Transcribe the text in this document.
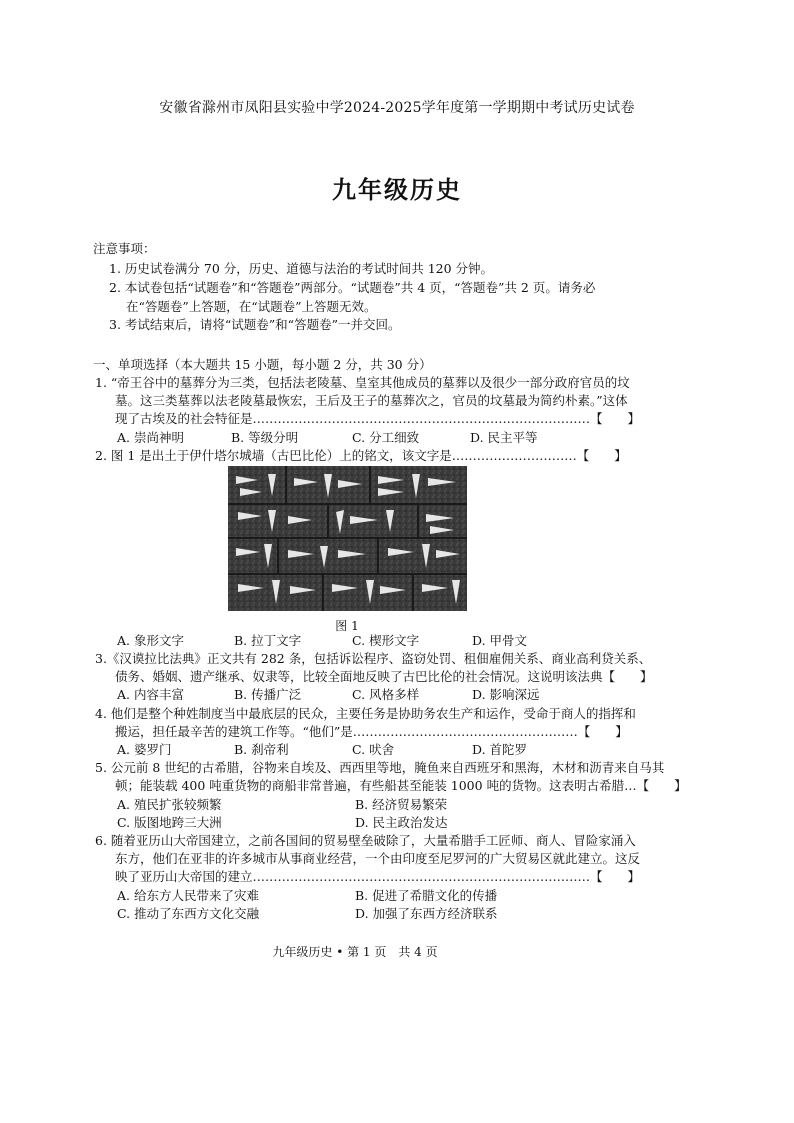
安徽省滁州市凤阳县实验中学2024-2025学年度第一学期期中考试历史试卷
九年级历史
注意事项：
1. 历史试卷满分 70 分，历史、道德与法治的考试时间共 120 分钟。
2. 本试卷包括“试题卷”和“答题卷”两部分。“试题卷”共 4 页，“答题卷”共 2 页。请务必
在“答题卷”上答题，在“试题卷”上答题无效。
3. 考试结束后，请将“试题卷”和“答题卷”一并交回。
一、单项选择（本大题共 15 小题，每小题 2 分，共 30 分）
1. “帝王谷中的墓葬分为三类，包括法老陵墓、皇室其他成员的墓葬以及很少一部分政府官员的坟
墓。这三类墓葬以法老陵墓最恢宏，王后及王子的墓葬次之，官员的坟墓最为简约朴素。”这体
现了古埃及的社会特征是………………………………………………………………………【　　】
A. 崇尚神明	B. 等级分明	C. 分工细致	D. 民主平等
2. 图 1 是出土于伊什塔尔城墙（古巴比伦）上的铭文，该文字是…………………………【　　】
图 1
A. 象形文字	B. 拉丁文字	C. 楔形文字	D. 甲骨文
3.《汉谟拉比法典》正文共有 282 条，包括诉讼程序、盗窃处罚、租佃雇佣关系、商业高利贷关系、
债务、婚姻、遗产继承、奴隶等，比较全面地反映了古巴比伦的社会情况。这说明该法典【　　】
A. 内容丰富	B. 传播广泛	C. 风格多样	D. 影响深远
4. 他们是整个种姓制度当中最底层的民众，主要任务是协助务农生产和运作，受命于商人的指挥和
搬运，担任最辛苦的建筑工作等。“他们”是………………………………………………【　　】
A. 婆罗门	B. 刹帝利	C. 吠舍	D. 首陀罗
5. 公元前 8 世纪的古希腊，谷物来自埃及、西西里等地，腌鱼来自西班牙和黑海，木材和沥青来自马其
顿；能装载 400 吨重货物的商船非常普遍，有些船甚至能装 1000 吨的货物。这表明古希腊…【　　】
A. 殖民扩张较频繁	B. 经济贸易繁荣
C. 版图地跨三大洲	D. 民主政治发达
6. 随着亚历山大帝国建立，之前各国间的贸易壁垒破除了，大量希腊手工匠师、商人、冒险家涌入
东方，他们在亚非的许多城市从事商业经营，一个由印度至尼罗河的广大贸易区就此建立。这反
映了亚历山大帝国的建立………………………………………………………………………【　　】
A. 给东方人民带来了灾难	B. 促进了希腊文化的传播
C. 推动了东西方文化交融	D. 加强了东西方经济联系
九年级历史 • 第 1 页　共 4 页
